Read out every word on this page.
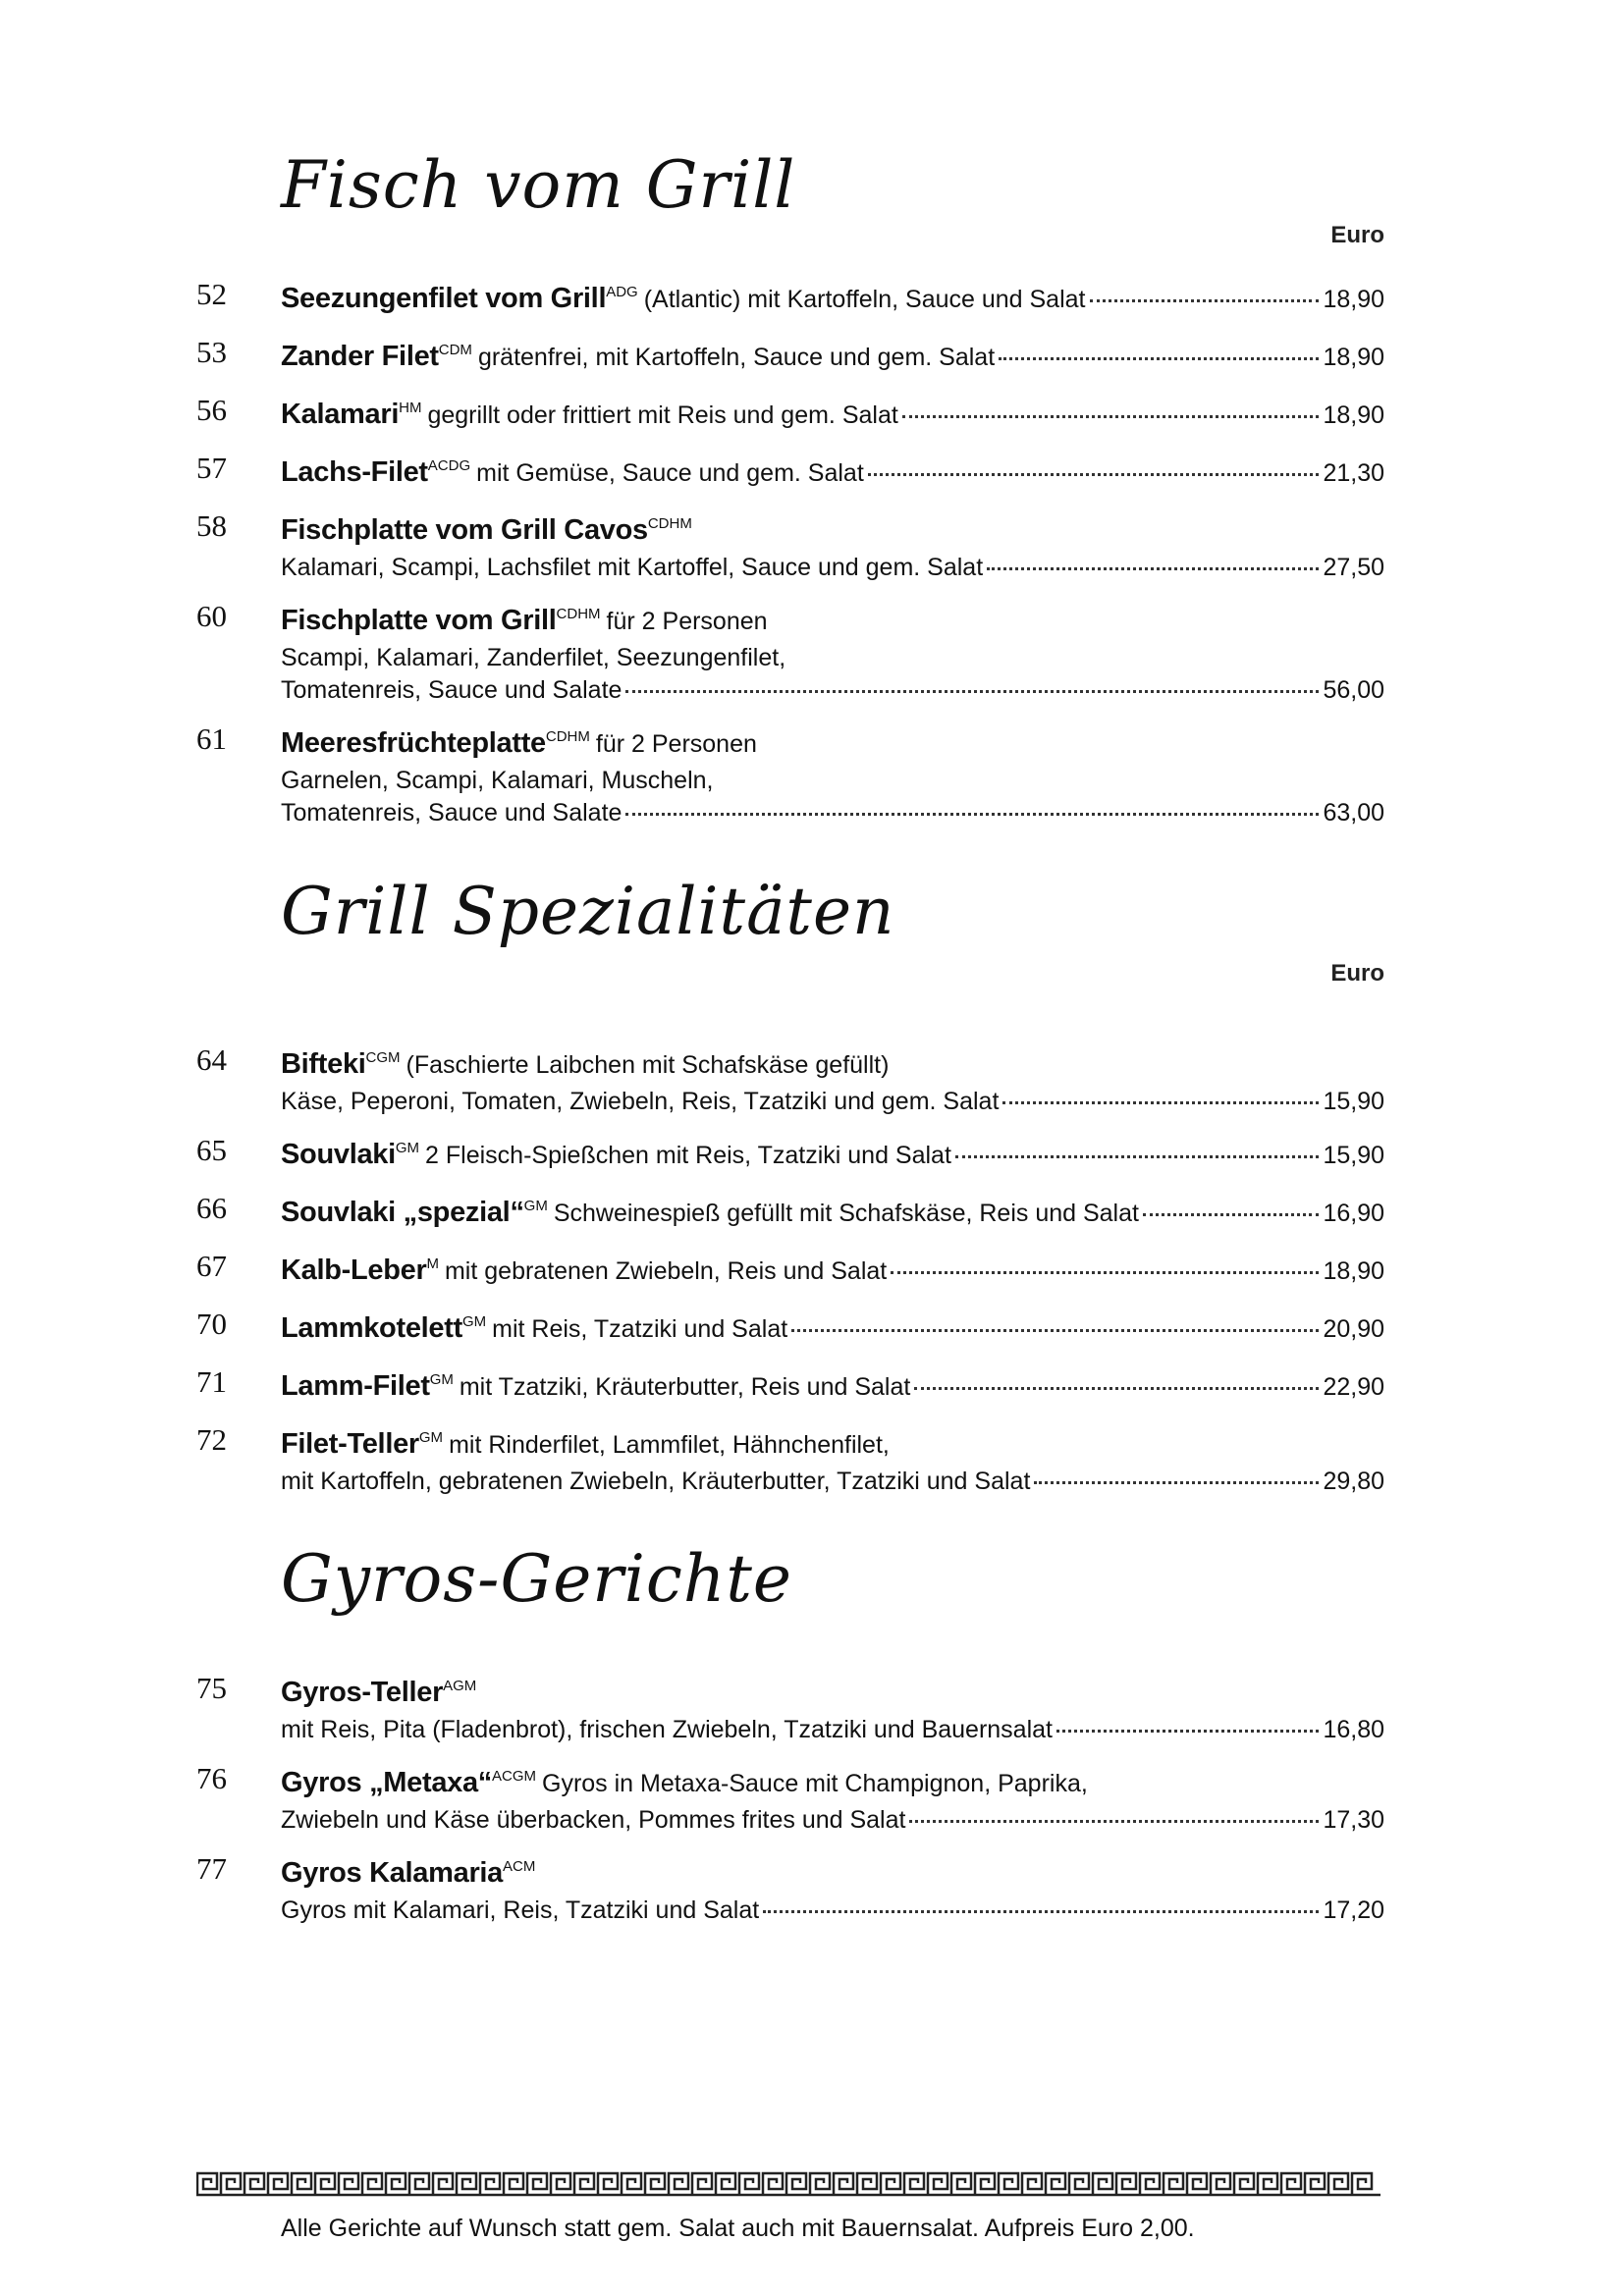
Fisch vom Grill
Euro
52	Seezungenfilet vom Grill$^{ADG}$ (Atlantic) mit Kartoffeln, Sauce und Salat	18,90
53	Zander Filet$^{CDM}$ grätenfrei, mit Kartoffeln, Sauce und gem. Salat	18,90
56	Kalamari$^{HM}$ gegrillt oder frittiert mit Reis und gem. Salat	18,90
57	Lachs-Filet$^{ACDG}$ mit Gemüse, Sauce und gem. Salat	21,30
58	Fischplatte vom Grill Cavos$^{CDHM}$
Kalamari, Scampi, Lachsfilet mit Kartoffel, Sauce und gem. Salat	27,50
60	Fischplatte vom Grill$^{CDHM}$ für 2 Personen
Scampi, Kalamari, Zanderfilet, Seezungenfilet,
Tomatenreis, Sauce und Salate	56,00
61	Meeresfrüchteplatte$^{CDHM}$ für 2 Personen
Garnelen, Scampi, Kalamari, Muscheln,
Tomatenreis, Sauce und Salate	63,00
Grill Spezialitäten
Euro
64	Bifteki$^{CGM}$ (Faschierte Laibchen mit Schafskäse gefüllt)
Käse, Peperoni, Tomaten, Zwiebeln, Reis, Tzatziki und gem. Salat	15,90
65	Souvlaki$^{GM}$ 2 Fleisch-Spießchen mit Reis, Tzatziki und Salat	15,90
66	Souvlaki „spezial“$^{GM}$ Schweinespieß gefüllt mit Schafskäse, Reis und Salat	16,90
67	Kalb-Leber$^M$ mit gebratenen Zwiebeln, Reis und Salat	18,90
70	Lammkotelett$^{GM}$ mit Reis, Tzatziki und Salat	20,90
71	Lamm-Filet$^{GM}$ mit Tzatziki, Kräuterbutter, Reis und Salat	22,90
72	Filet-Teller$^{GM}$ mit Rinderfilet, Lammfilet, Hähnchenfilet,
mit Kartoffeln, gebratenen Zwiebeln, Kräuterbutter, Tzatziki und Salat	29,80
Gyros-Gerichte
75	Gyros-Teller$^{AGM}$
mit Reis, Pita (Fladenbrot), frischen Zwiebeln, Tzatziki und Bauernsalat	16,80
76	Gyros „Metaxa“$^{ACGM}$ Gyros in Metaxa-Sauce mit Champignon, Paprika,
Zwiebeln und Käse überbacken, Pommes frites und Salat	17,30
77	Gyros Kalamaria$^{ACM}$
Gyros mit Kalamari, Reis, Tzatziki und Salat	17,20
Alle Gerichte auf Wunsch statt gem. Salat auch mit Bauernsalat. Aufpreis Euro 2,00.
